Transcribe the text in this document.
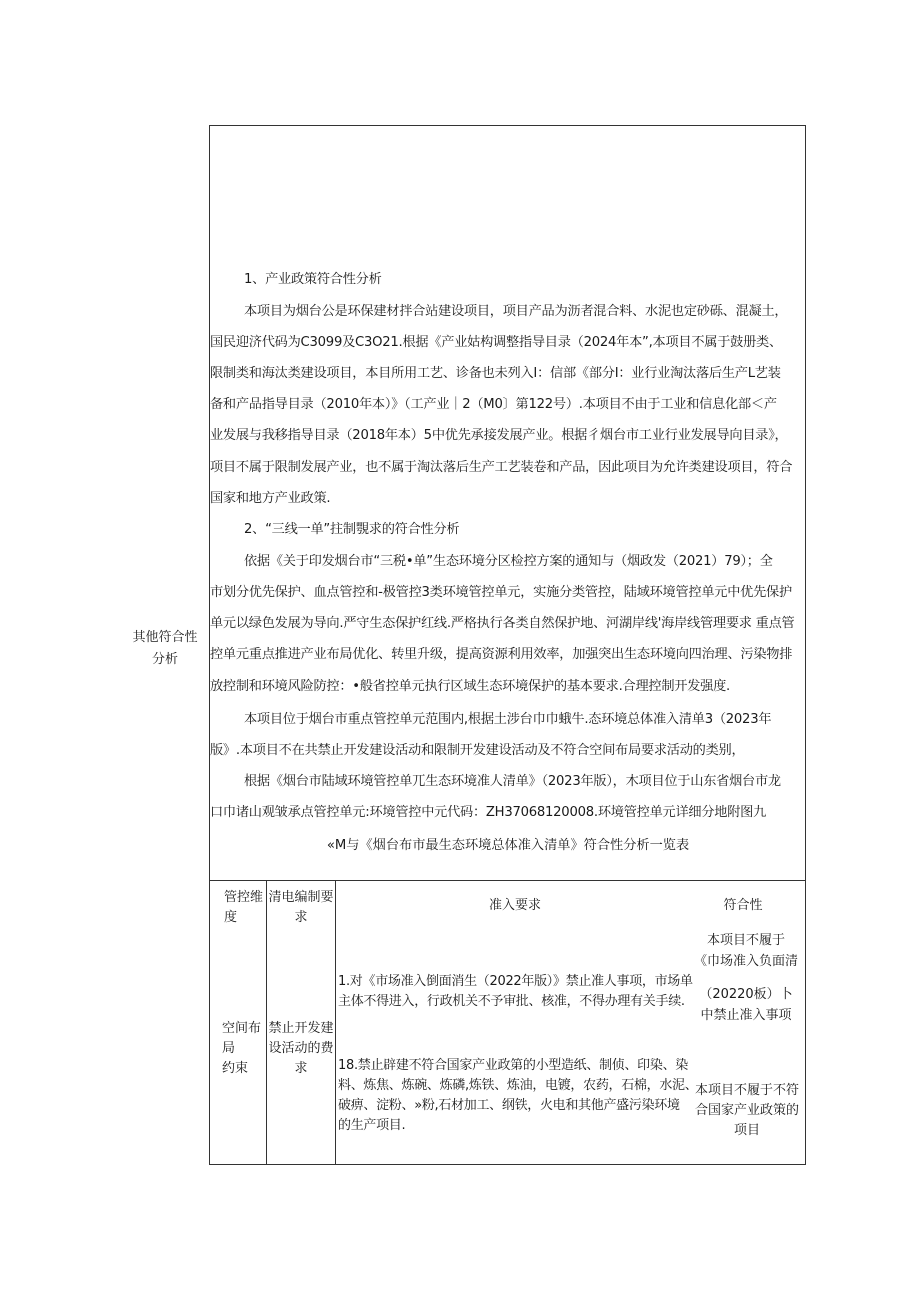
其他符合性
分析
1、产业政策符合性分析
本项目为烟台公是环保建材拌合站建设项目，项目产品为沥者混合料、水泥也定砂砾、混凝土，
国民迎济代码为C3099及C3O21.根据《产业姑构调整指导目录（2024年本”,本项目不属于鼓册类、
限制类和海汰类建设项目，本目所用工艺、诊备也未列入I：信部《部分I：业行业淘汰落后生产L艺装
备和产品指导目录（2010年本）》（工产业｜2（M0〕第122号）.本项目不由于工业和信息化部＜产
业发展与我移指导目录（2018年本）5中优先承接发展产业。根据彳烟台市工业行业发展导向目录》，
项目不属于限制发展产业，也不属于淘汰落后生产工艺装卷和产品，因此项目为允许类建设项目，符合
国家和地方产业政策.
2、“三线一单”拄制覨求的符合性分析
依据《关于印发烟台市“三税•单”生态环境分区检控方案的通知与（烟政发（2021）79）；全
市划分优先保护、血点管控和-极管控3类环境管控单元，实施分类管控，陆域环境管控单元中优先保护
单元以绿色发展为导向.严守生态保护红线.严格执行各类自然保护地、河湖岸线'海岸线管理要求 重点管
控单元重点推进产业布局优化、转里升级，提高资源利用效率，加强突出生态环境向四治理、污染物排
放控制和环境风险防控：•般省控单元执行区域生态环境保护的基本要求.合理控制开发强度.
本项目位于烟台市重点管控单元范围内,根据土涉台巾巾蛾牛.态环境总体准入清单3（2023年
版》.本项目不在共禁止开发建设活动和限制开发建设活动及不符合空间布局要求活动的类别，
根据《烟台市陆域环境管控单兀生态环境准人清单》（2023年版），木项目位于山东省烟台市龙
口巾诸山观皱承点管控单元:环境管控中元代码：ZH37068120008.环境管控单元详细分地附图九
«M与《烟台布市最生态环境总体准入清单》符合性分析一览表
管控维
度
清电编制要
求
准入要求	符合性
空间布
局
约束
禁止开发建
设活动的费
求
1.对《市场准入倒面消生（2022年版）》禁止准人事项，市场单
主体不得进入，行政机关不予审批、核准，不得办理有关手续.
18.禁止辟建不符合国家产业政第的小型造纸、制侦、印染、染
料、炼焦、炼碗、炼磷,炼铁、炼油，电镀，农药，石棉，水泥、
破痹、淀粉、»粉,石材加工、纲铁，火电和其他产盛污染环境
的生产项目.
本项目不履于
《巾场准入负面清
（20220板）卜
中禁止准入事项
本项目不履于不符
合国家产业政策的
项目
